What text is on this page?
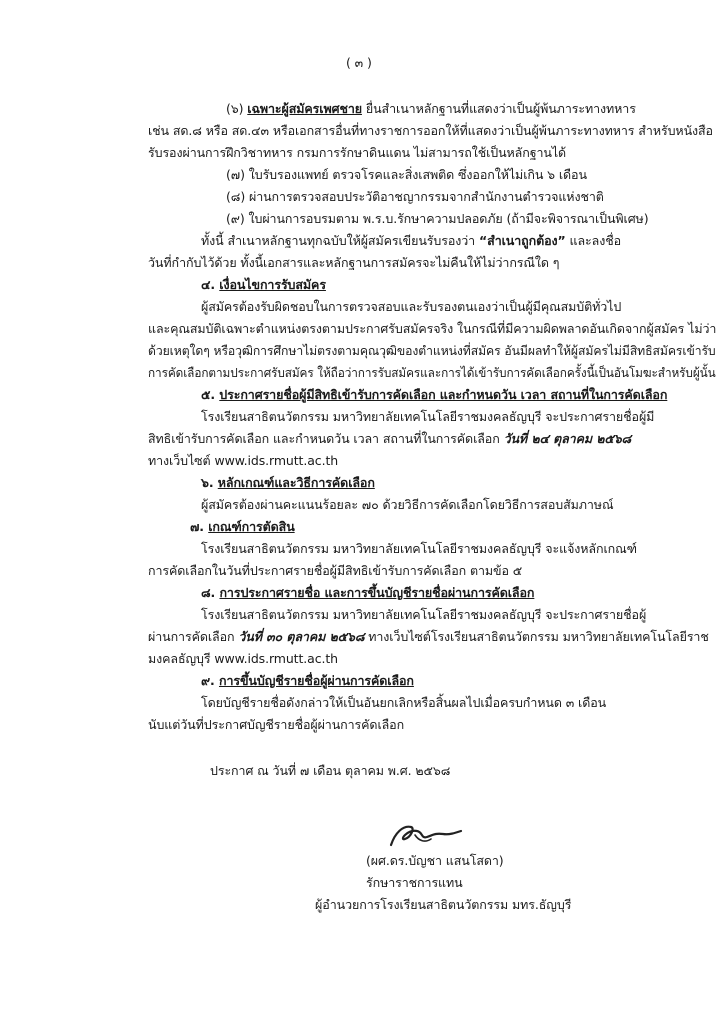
( ๓ )
(๖) เฉพาะผู้สมัครเพศชาย ยื่นสำเนาหลักฐานที่แสดงว่าเป็นผู้พ้นภาระทางทหาร
เช่น สด.๘ หรือ สด.๔๓ หรือเอกสารอื่นที่ทางราชการออกให้ที่แสดงว่าเป็นผู้พ้นภาระทางทหาร สำหรับหนังสือ
รับรองผ่านการฝึกวิชาทหาร กรมการรักษาดินแดน ไม่สามารถใช้เป็นหลักฐานได้
(๗) ใบรับรองแพทย์ ตรวจโรคและสิ่งเสพติด ซึ่งออกให้ไม่เกิน ๖ เดือน
(๘) ผ่านการตรวจสอบประวัติอาชญากรรมจากสำนักงานตำรวจแห่งชาติ
(๙) ใบผ่านการอบรมตาม พ.ร.บ.รักษาความปลอดภัย (ถ้ามีจะพิจารณาเป็นพิเศษ)
ทั้งนี้ สำเนาหลักฐานทุกฉบับให้ผู้สมัครเขียนรับรองว่า “สำเนาถูกต้อง” และลงชื่อ
วันที่กำกับไว้ด้วย ทั้งนี้เอกสารและหลักฐานการสมัครจะไม่คืนให้ไม่ว่ากรณีใด ๆ
๔. เงื่อนไขการรับสมัคร
ผู้สมัครต้องรับผิดชอบในการตรวจสอบและรับรองตนเองว่าเป็นผู้มีคุณสมบัติทั่วไป
และคุณสมบัติเฉพาะตำแหน่งตรงตามประกาศรับสมัครจริง ในกรณีที่มีความผิดพลาดอันเกิดจากผู้สมัคร ไม่ว่า
ด้วยเหตุใดๆ หรือวุฒิการศึกษาไม่ตรงตามคุณวุฒิของตำแหน่งที่สมัคร อันมีผลทำให้ผู้สมัครไม่มีสิทธิสมัครเข้ารับ
การคัดเลือกตามประกาศรับสมัคร ให้ถือว่าการรับสมัครและการได้เข้ารับการคัดเลือกครั้งนี้เป็นอันโมฆะสำหรับผู้นั้น
๕. ประกาศรายชื่อผู้มีสิทธิเข้ารับการคัดเลือก และกำหนดวัน เวลา สถานที่ในการคัดเลือก
โรงเรียนสาธิตนวัตกรรม มหาวิทยาลัยเทคโนโลยีราชมงคลธัญบุรี จะประกาศรายชื่อผู้มี
สิทธิเข้ารับการคัดเลือก และกำหนดวัน เวลา สถานที่ในการคัดเลือก วันที่ ๒๔ ตุลาคม ๒๕๖๘
ทางเว็บไซต์ www.ids.rmutt.ac.th
๖. หลักเกณฑ์และวิธีการคัดเลือก
ผู้สมัครต้องผ่านคะแนนร้อยละ ๗๐ ด้วยวิธีการคัดเลือกโดยวิธีการสอบสัมภาษณ์
๗. เกณฑ์การตัดสิน
โรงเรียนสาธิตนวัตกรรม มหาวิทยาลัยเทคโนโลยีราชมงคลธัญบุรี จะแจ้งหลักเกณฑ์
การคัดเลือกในวันที่ประกาศรายชื่อผู้มีสิทธิเข้ารับการคัดเลือก ตามข้อ ๕
๘. การประกาศรายชื่อ และการขึ้นบัญชีรายชื่อผ่านการคัดเลือก
โรงเรียนสาธิตนวัตกรรม มหาวิทยาลัยเทคโนโลยีราชมงคลธัญบุรี จะประกาศรายชื่อผู้
ผ่านการคัดเลือก วันที่ ๓๐ ตุลาคม ๒๕๖๘ ทางเว็บไซต์โรงเรียนสาธิตนวัตกรรม มหาวิทยาลัยเทคโนโลยีราช
มงคลธัญบุรี www.ids.rmutt.ac.th
๙. การขึ้นบัญชีรายชื่อผู้ผ่านการคัดเลือก
โดยบัญชีรายชื่อดังกล่าวให้เป็นอันยกเลิกหรือสิ้นผลไปเมื่อครบกำหนด ๓ เดือน
นับแต่วันที่ประกาศบัญชีรายชื่อผู้ผ่านการคัดเลือก
ประกาศ ณ วันที่ ๗ เดือน ตุลาคม พ.ศ. ๒๕๖๘
(ผศ.ดร.บัญชา แสนโสดา)
รักษาราชการแทน
ผู้อำนวยการโรงเรียนสาธิตนวัตกรรม มทร.ธัญบุรี
